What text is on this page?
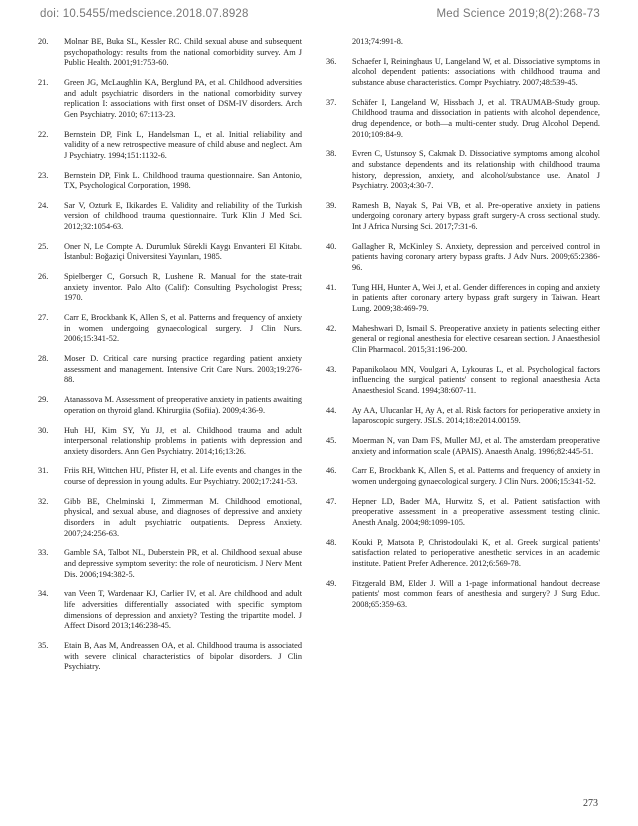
doi: 10.5455/medscience.2018.07.8928	Med Science 2019;8(2):268-73
20.	Molnar BE, Buka SL, Kessler RC. Child sexual abuse and subsequent psychopathology: results from the national comorbidity survey. Am J Public Health. 2001;91:753-60.
21.	Green JG, McLaughlin KA, Berglund PA, et al. Childhood adversities and adult psychiatric disorders in the national comorbidity survey replication I: associations with first onset of DSM-IV disorders. Arch Gen Psychiatry. 2010; 67:113-23.
22.	Bernstein DP, Fink L, Handelsman L, et al. Initial reliability and validity of a new retrospective measure of child abuse and neglect. Am J Psychiatry. 1994;151:1132-6.
23.	Bernstein DP, Fink L. Childhood trauma questionnaire. San Antonio, TX, Psychological Corporation, 1998.
24.	Sar V, Ozturk E, Ikikardes E. Validity and reliability of the Turkish version of childhood trauma questionnaire. Turk Klin J Med Sci. 2012;32:1054-63.
25.	Oner N, Le Compte A. Durumluk Sürekli Kaygı Envanteri El Kitabı. İstanbul: Boğaziçi Üniversitesi Yayınları, 1985.
26.	Spielberger C, Gorsuch R, Lushene R. Manual for the state-trait anxiety inventor. Palo Alto (Calif): Consulting Psychologist Press; 1970.
27.	Carr E, Brockbank K, Allen S, et al. Patterns and frequency of anxiety in women undergoing gynaecological surgery. J Clin Nurs. 2006;15:341-52.
28.	Moser D. Critical care nursing practice regarding patient anxiety assessment and management. Intensive Crit Care Nurs. 2003;19:276-88.
29.	Atanassova M. Assessment of preoperative anxiety in patients awaiting operation on thyroid gland. Khirurgiia (Sofiia). 2009;4:36-9.
30.	Huh HJ, Kim SY, Yu JJ, et al. Childhood trauma and adult interpersonal relationship problems in patients with depression and anxiety disorders. Ann Gen Psychiatry. 2014;16;13:26.
31.	Friis RH, Wittchen HU, Pfister H, et al. Life events and changes in the course of depression in young adults. Eur Psychiatry. 2002;17:241-53.
32.	Gibb BE, Chelminski I, Zimmerman M. Childhood emotional, physical, and sexual abuse, and diagnoses of depressive and anxiety disorders in adult psychiatric outpatients. Depress Anxiety. 2007;24:256-63.
33.	Gamble SA, Talbot NL, Duberstein PR, et al. Childhood sexual abuse and depressive symptom severity: the role of neuroticism. J Nerv Ment Dis. 2006;194:382-5.
34.	van Veen T, Wardenaar KJ, Carlier IV, et al. Are childhood and adult life adversities differentially associated with specific symptom dimensions of depression and anxiety? Testing the tripartite model. J Affect Disord 2013;146:238-45.
35.	Etain B, Aas M, Andreassen OA, et al. Childhood trauma is associated with severe clinical characteristics of bipolar disorders. J Clin Psychiatry.
2013;74:991-8.
36.	Schaefer I, Reininghaus U, Langeland W, et al. Dissociative symptoms in alcohol dependent patients: associations with childhood trauma and substance abuse characteristics. Compr Psychiatry. 2007;48:539-45.
37.	Schäfer I, Langeland W, Hissbach J, et al. TRAUMAB-Study group. Childhood trauma and dissociation in patients with alcohol dependence, drug dependence, or both—a multi-center study. Drug Alcohol Depend. 2010;109:84-9.
38.	Evren C, Ustunsoy S, Cakmak D. Dissociative symptoms among alcohol and substance dependents and its relationship with childhood trauma history, depression, anxiety, and alcohol/substance use. Anatol J Psychiatry. 2003;4:30-7.
39.	Ramesh B, Nayak S, Pai VB, et al. Pre-operative anxiety in patiens undergoing coronary artery bypass graft surgery-A cross sectional study. Int J Africa Nursing Sci. 2017;7:31-6.
40.	Gallagher R, McKinley S. Anxiety, depression and perceived control in patients having coronary artery bypass grafts. J Adv Nurs. 2009;65:2386-96.
41.	Tung HH, Hunter A, Wei J, et al. Gender differences in coping and anxiety in patients after coronary artery bypass graft surgery in Taiwan. Heart Lung. 2009;38:469-79.
42.	Maheshwari D, Ismail S. Preoperative anxiety in patients selecting either general or regional anesthesia for elective cesarean section. J Anaesthesiol Clin Pharmacol. 2015;31:196-200.
43.	Papanikolaou MN, Voulgari A, Lykouras L, et al. Psychological factors influencing the surgical patients' consent to regional anaesthesia Acta Anaesthesiol Scand. 1994;38:607-11.
44.	Ay AA, Ulucanlar H, Ay A, et al. Risk factors for perioperative anxiety in laparoscopic surgery. JSLS. 2014;18:e2014.00159.
45.	Moerman N, van Dam FS, Muller MJ, et al. The amsterdam preoperative anxiety and information scale (APAIS). Anaesth Analg. 1996;82:445-51.
46.	Carr E, Brockbank K, Allen S, et al. Patterns and frequency of anxiety in women undergoing gynaecological surgery. J Clin Nurs. 2006;15:341-52.
47.	Hepner LD, Bader MA, Hurwitz S, et al. Patient satisfaction with preoperative assessment in a preoperative assessment testing clinic. Anesth Analg. 2004;98:1099-105.
48.	Kouki P, Matsota P, Christodoulaki K, et al. Greek surgical patients' satisfaction related to perioperative anesthetic services in an academic institute. Patient Prefer Adherence. 2012;6:569-78.
49.	Fitzgerald BM, Elder J. Will a 1-page informational handout decrease patients' most common fears of anesthesia and surgery? J Surg Educ. 2008;65:359-63.
273
